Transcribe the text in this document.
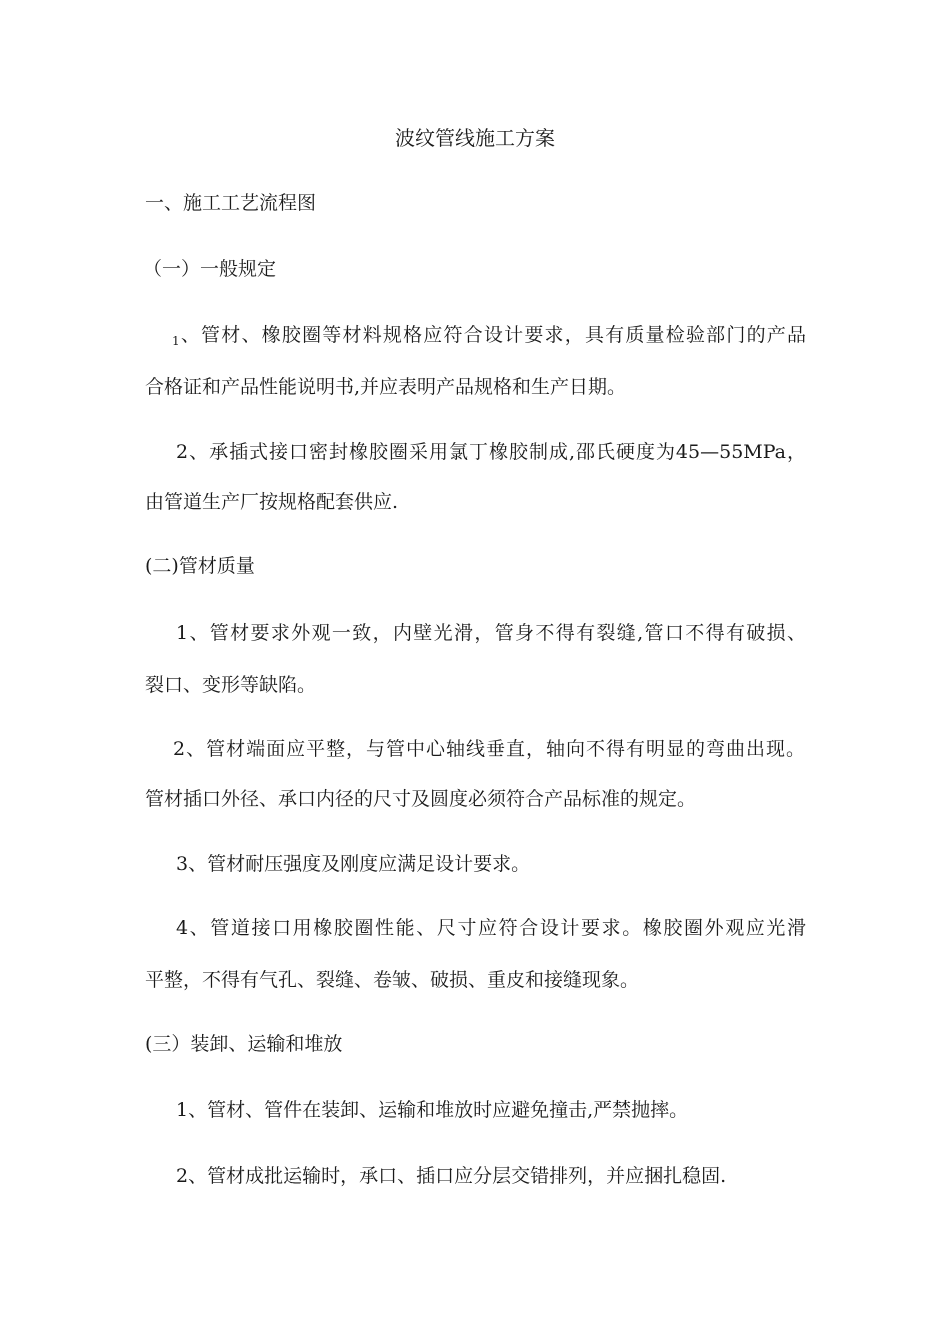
波纹管线施工方案
一、施工工艺流程图
（一）一般规定
$_1$、管材、橡胶圈等材料规格应符合设计要求，具有质量检验部门的产品
合格证和产品性能说明书,并应表明产品规格和生产日期。
2、承插式接口密封橡胶圈采用氯丁橡胶制成,邵氏硬度为45—55MPa，
由管道生产厂按规格配套供应.
(二)管材质量
1、管材要求外观一致，内壁光滑，管身不得有裂缝,管口不得有破损、
裂口、变形等缺陷。
2、管材端面应平整，与管中心轴线垂直，轴向不得有明显的弯曲出现。
管材插口外径、承口内径的尺寸及圆度必须符合产品标准的规定。
3、管材耐压强度及刚度应满足设计要求。
4、管道接口用橡胶圈性能、尺寸应符合设计要求。橡胶圈外观应光滑
平整，不得有气孔、裂缝、卷皱、破损、重皮和接缝现象。
(三）装卸、运输和堆放
1、管材、管件在装卸、运输和堆放时应避免撞击,严禁抛摔。
2、管材成批运输时，承口、插口应分层交错排列，并应捆扎稳固.
